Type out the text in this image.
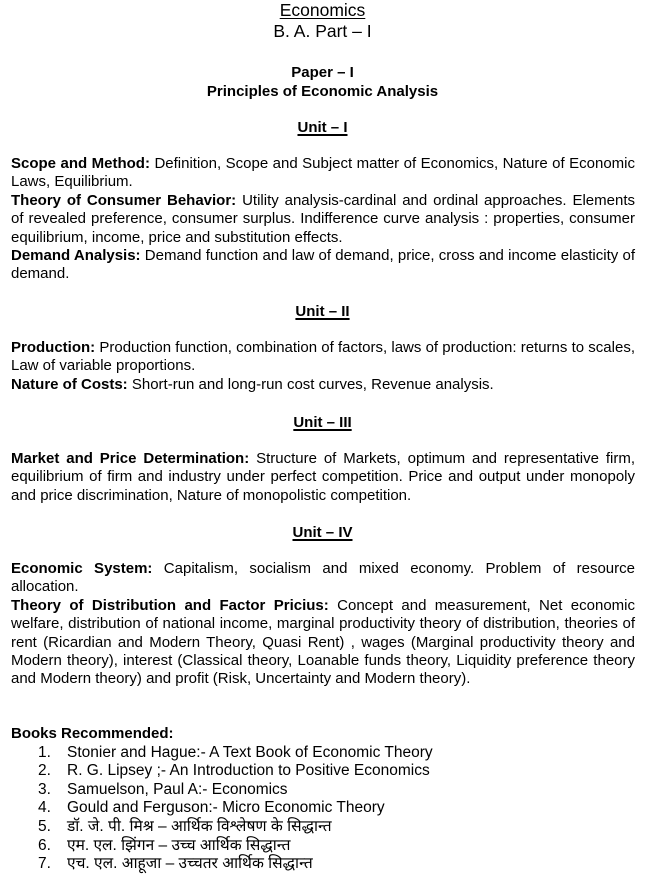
Economics
B. A. Part – I
Paper – I
Principles of Economic Analysis
Unit – I

Scope and Method: Definition, Scope and Subject matter of Economics, Nature of Economic Laws, Equilibrium.

Theory of Consumer Behavior: Utility analysis-cardinal and ordinal approaches. Elements of revealed preference, consumer surplus. Indifference curve analysis : properties, consumer equilibrium, income, price and substitution effects.

Demand Analysis: Demand function and law of demand, price, cross and income elasticity of demand.

Unit – II

Production: Production function, combination of factors, laws of production: returns to scales, Law of variable proportions.

Nature of Costs: Short-run and long-run cost curves, Revenue analysis.

Unit – III

Market and Price Determination: Structure of Markets, optimum and representative firm, equilibrium of firm and industry under perfect competition. Price and output under monopoly and price discrimination, Nature of monopolistic competition.

Unit – IV

Economic System: Capitalism, socialism and mixed economy. Problem of resource allocation.

Theory of Distribution and Factor Pricius: Concept and measurement, Net economic welfare, distribution of national income, marginal productivity theory of distribution, theories of rent (Ricardian and Modern Theory, Quasi Rent) , wages (Marginal productivity theory and Modern theory), interest (Classical theory, Loanable funds theory, Liquidity preference theory and Modern theory) and profit (Risk, Uncertainty and Modern theory).

Books Recommended:
1.	Stonier and Hague:- A Text Book of Economic Theory
2.	R. G. Lipsey ;- An Introduction to Positive Economics
3.	Samuelson, Paul A:- Economics
4.	Gould and Ferguson:- Micro Economic Theory
5.	डॉ. जे. पी. मिश्र – आर्थिक विश्लेषण के सिद्धान्त
6.	एम. एल. झिंगन – उच्च आर्थिक सिद्धान्त
7.	एच. एल. आहूजा – उच्चतर आर्थिक सिद्धान्त
